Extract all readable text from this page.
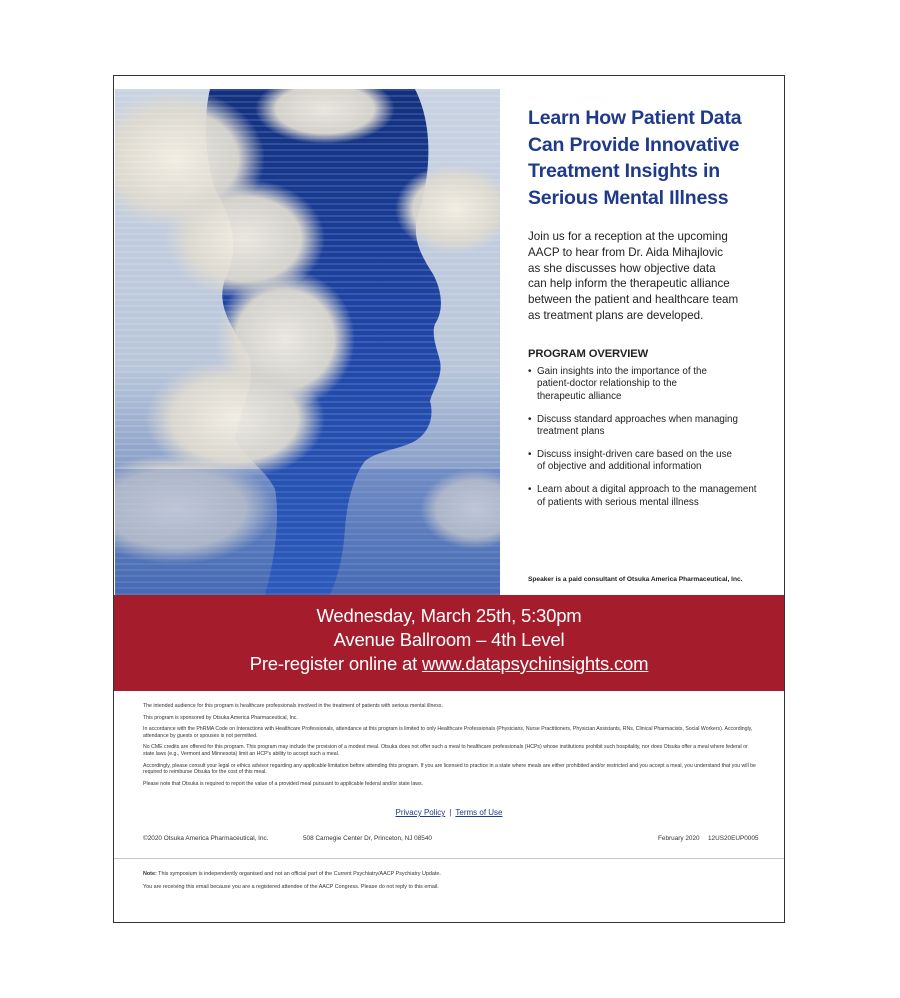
Learn How Patient Data
Can Provide Innovative
Treatment Insights in
Serious Mental Illness
Join us for a reception at the upcoming
AACP to hear from Dr. Aida Mihajlovic
as she discusses how objective data
can help inform the therapeutic alliance
between the patient and healthcare team
as treatment plans are developed.
PROGRAM OVERVIEW
• Gain insights into the importance of the
patient-doctor relationship to the
therapeutic alliance
• Discuss standard approaches when managing
treatment plans
• Discuss insight-driven care based on the use
of objective and additional information
• Learn about a digital approach to the management
of patients with serious mental illness
Speaker is a paid consultant of Otsuka America Pharmaceutical, Inc.
Wednesday, March 25th, 5:30pm
Avenue Ballroom – 4th Level
Pre-register online at www.datapsychinsights.com

The intended audience for this program is healthcare professionals involved in the treatment of patients with serious mental illness.

This program is sponsored by Otsuka America Pharmaceutical, Inc.

In accordance with the PhRMA Code on Interactions with Healthcare Professionals, attendance at this program is limited to only Healthcare Professionals (Physicians, Nurse Practitioners, Physician Assistants, RNs, Clinical Pharmacists, Social Workers). Accordingly, attendance by guests or spouses is not permitted.

No CME credits are offered for this program. This program may include the provision of a modest meal. Otsuka does not offer such a meal to healthcare professionals (HCPs) whose institutions prohibit such hospitality, nor does Otsuka offer a meal where federal or state laws (e.g., Vermont and Minnesota) limit an HCP's ability to accept such a meal.

Accordingly, please consult your legal or ethics advisor regarding any applicable limitation before attending this program. If you are licensed to practice in a state where meals are either prohibited and/or restricted and you accept a meal, you understand that you will be required to reimburse Otsuka for the cost of this meal.

Please note that Otsuka is required to report the value of a provided meal pursuant to applicable federal and/or state laws.

Privacy Policy | Terms of Use
©2020 Otsuka America Pharmaceutical, Inc.	508 Carnegie Center Dr, Princeton, NJ 08540	February 2020 12US20EUP0005

Note: This symposium is independently organised and not an official part of the Current Psychiatry/AACP Psychiatry Update.

You are receiving this email because you are a registered attendee of the AACP Congress. Please do not reply to this email.
